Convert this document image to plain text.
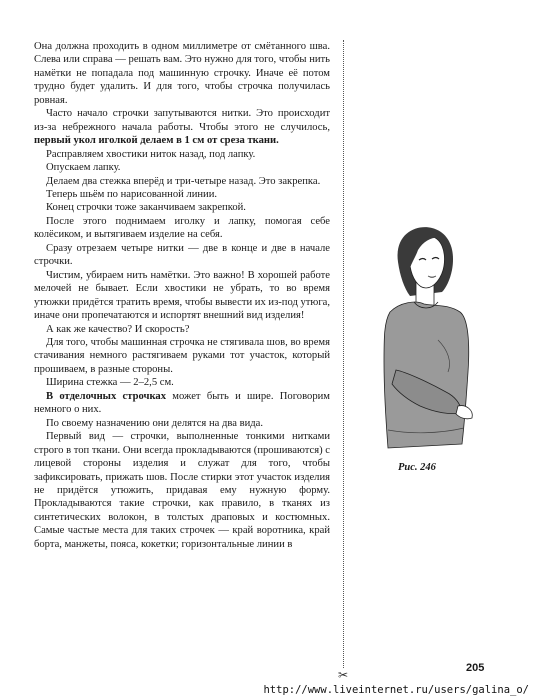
Она должна проходить в одном миллиметре от смётанного шва. Слева или справа — решать вам. Это нужно для того, чтобы нить намётки не попадала под машинную строчку. Иначе её потом трудно будет удалить. И для того, чтобы строчка получилась ровная.

Часто начало строчки запутываются нитки. Это происходит из-за небрежного начала работы. Чтобы этого не случилось, первый укол иголкой делаем в 1 см от среза ткани.

Расправляем хвостики ниток назад, под лапку.

Опускаем лапку.

Делаем два стежка вперёд и три-четыре назад. Это закрепка.

Теперь шьём по нарисованной линии.

Конец строчки тоже заканчиваем закрепкой.

После этого поднимаем иголку и лапку, помогая себе колёсиком, и вытягиваем изделие на себя.

Сразу отрезаем четыре нитки — две в конце и две в начале строчки.

Чистим, убираем нить намётки. Это важно! В хорошей работе мелочей не бывает. Если хвостики не убрать, то во время утюжки придётся тратить время, чтобы вывести их из-под утюга, иначе они пропечатаются и испортят внешний вид изделия!

А как же качество? И скорость?

Для того, чтобы машинная строчка не стягивала шов, во время стачивания немного растягиваем руками тот участок, который прошиваем, в разные стороны.

Ширина стежка — 2–2,5 см.

В отделочных строчках может быть и шире. Поговорим немного о них.

По своему назначению они делятся на два вида.

Первый вид — строчки, выполненные тонкими нитками строго в топ ткани. Они всегда прокладываются (прошиваются) с лицевой стороны изделия и служат для того, чтобы зафиксировать, прижать шов. После стирки этот участок изделия не придётся утюжить, придавая ему нужную форму. Прокладываются такие строчки, как правило, в тканях из синтетических волокон, в толстых драповых и костюмных. Самые частые места для таких строчек — край воротника, край борта, манжеты, пояса, кокетки; горизонтальные линии в

✂
Рис. 246
205
http://www.liveinternet.ru/users/galina_o/
